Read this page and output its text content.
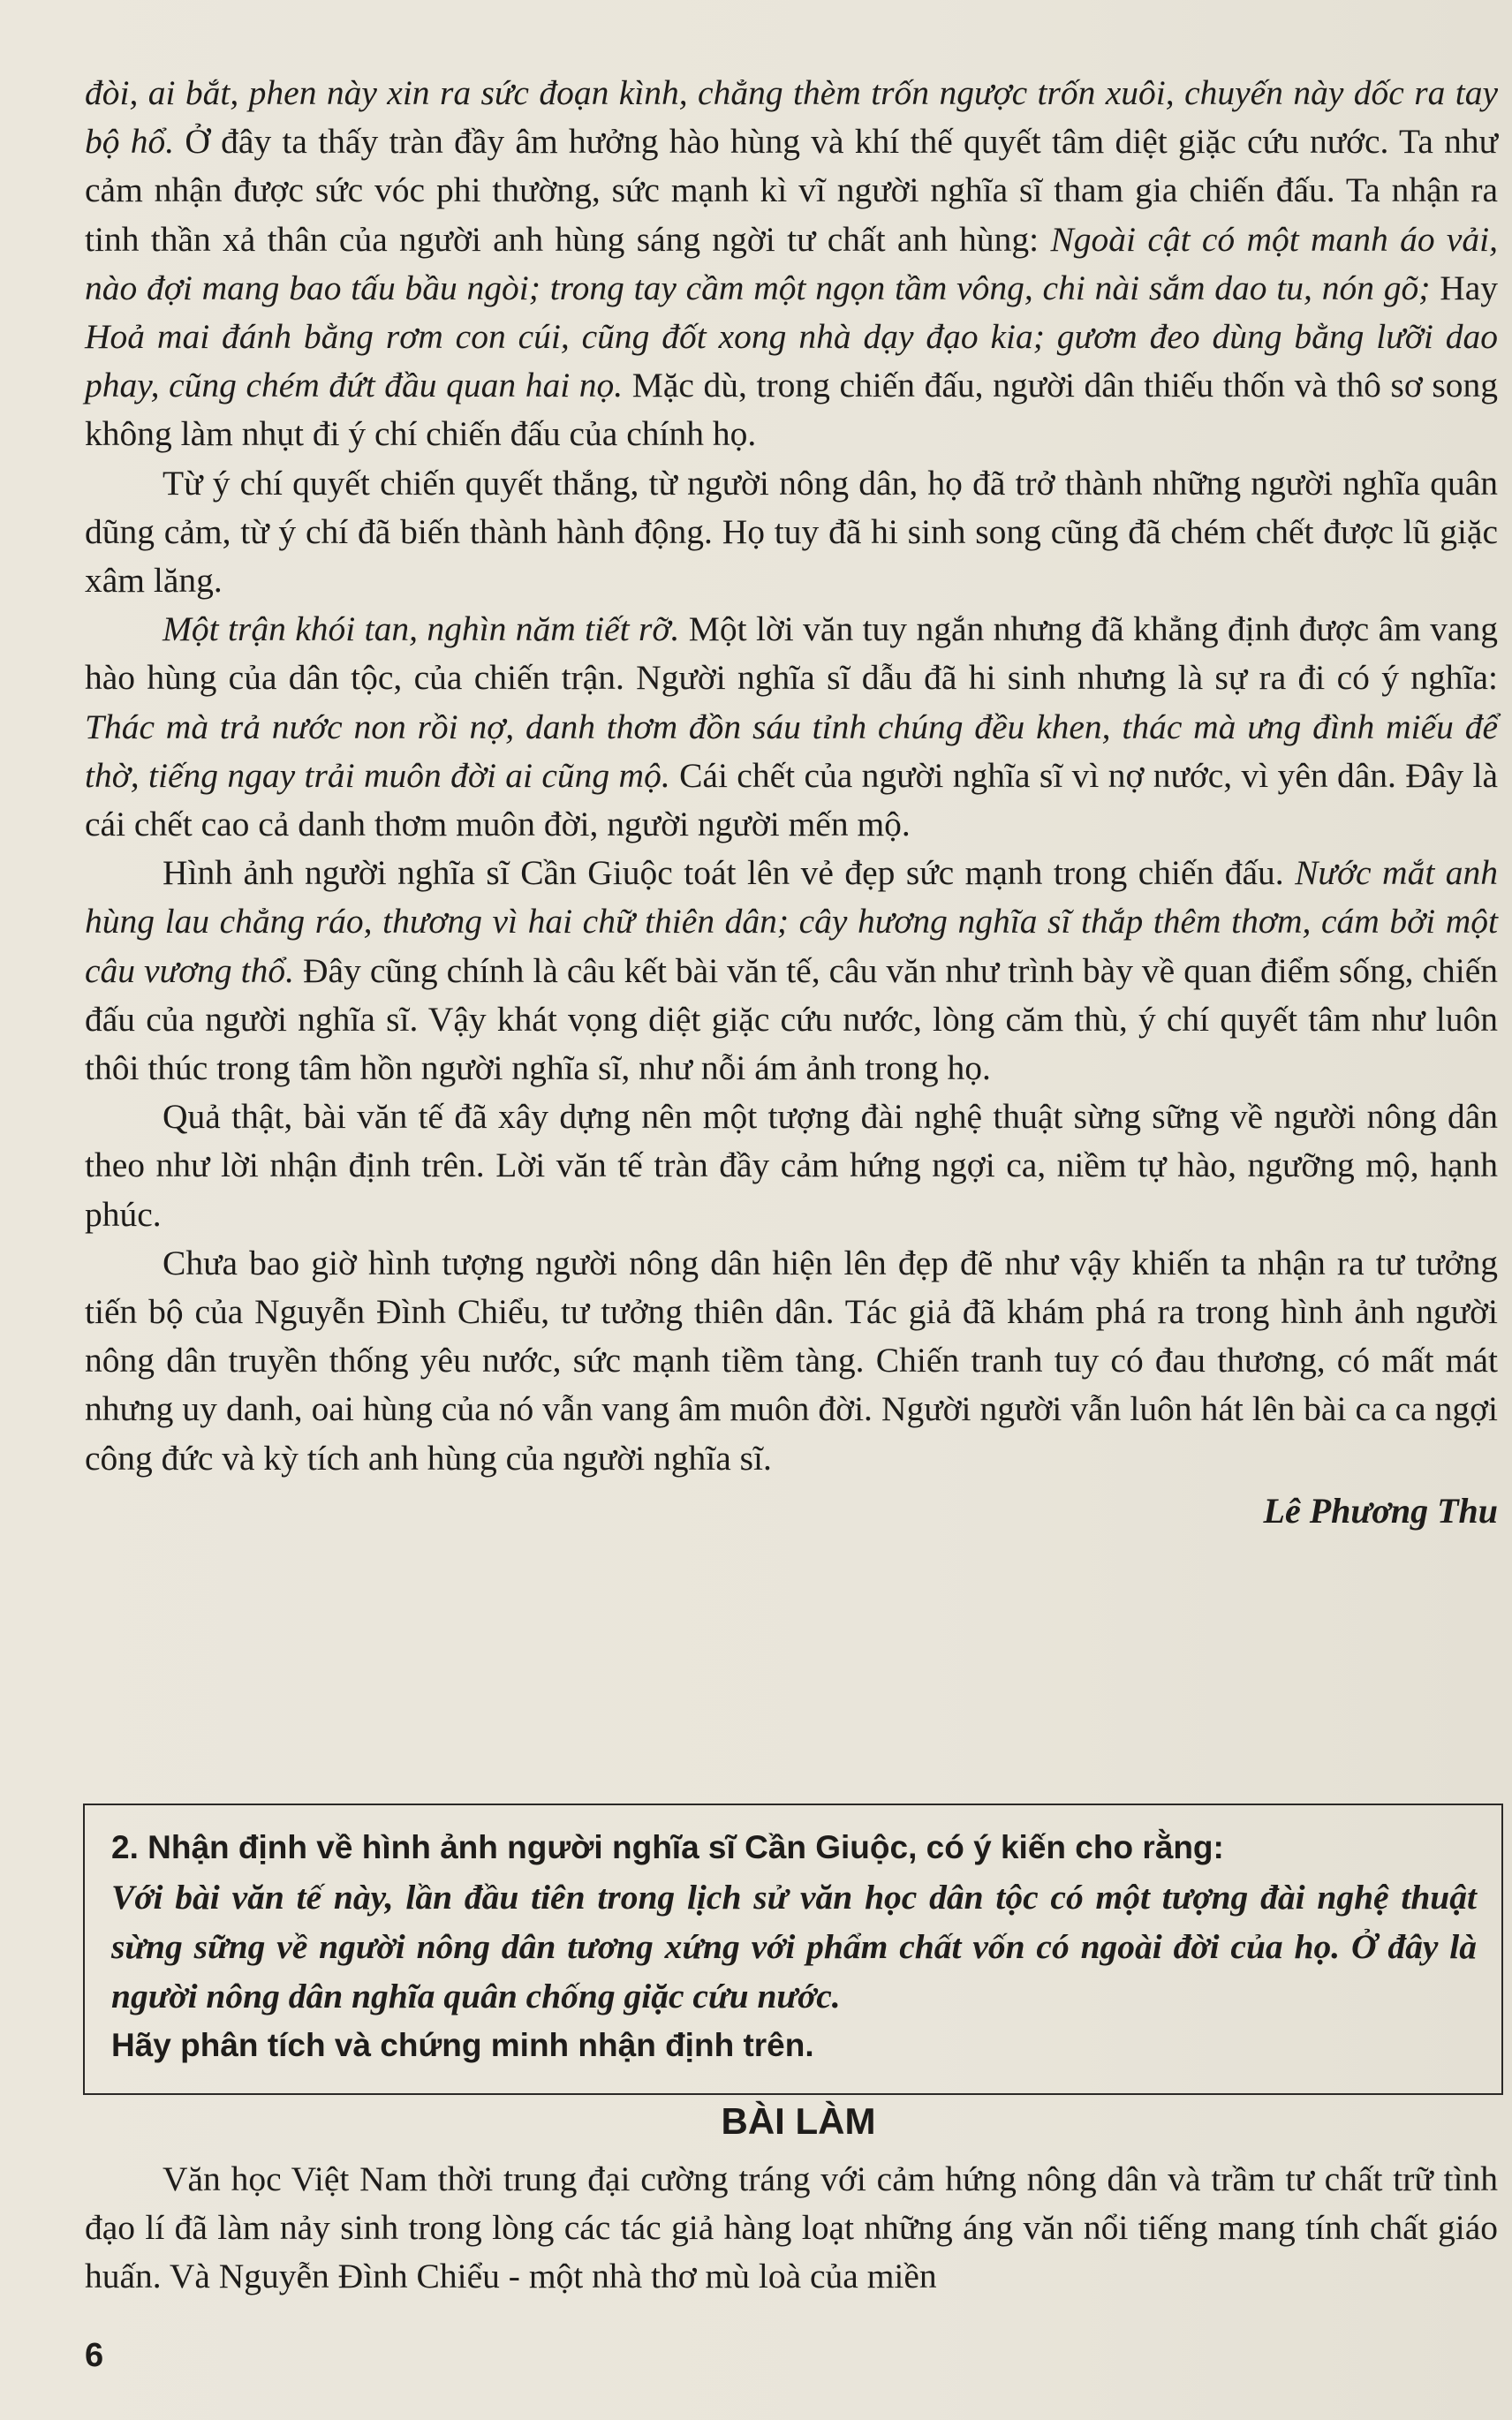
đòi, ai bắt, phen này xin ra sức đoạn kình, chẳng thèm trốn ngược trốn xuôi, chuyến này dốc ra tay bộ hổ. Ở đây ta thấy tràn đầy âm hưởng hào hùng và khí thế quyết tâm diệt giặc cứu nước. Ta như cảm nhận được sức vóc phi thường, sức mạnh kì vĩ người nghĩa sĩ tham gia chiến đấu. Ta nhận ra tinh thần xả thân của người anh hùng sáng ngời tư chất anh hùng: Ngoài cật có một manh áo vải, nào đợi mang bao tấu bầu ngòi; trong tay cầm một ngọn tầm vông, chi nài sắm dao tu, nón gõ; Hay Hoả mai đánh bằng rơm con cúi, cũng đốt xong nhà dạy đạo kia; gươm đeo dùng bằng lưỡi dao phay, cũng chém đứt đầu quan hai nọ. Mặc dù, trong chiến đấu, người dân thiếu thốn và thô sơ song không làm nhụt đi ý chí chiến đấu của chính họ.

Từ ý chí quyết chiến quyết thắng, từ người nông dân, họ đã trở thành những người nghĩa quân dũng cảm, từ ý chí đã biến thành hành động. Họ tuy đã hi sinh song cũng đã chém chết được lũ giặc xâm lăng.

Một trận khói tan, nghìn năm tiết rỡ. Một lời văn tuy ngắn nhưng đã khẳng định được âm vang hào hùng của dân tộc, của chiến trận. Người nghĩa sĩ dẫu đã hi sinh nhưng là sự ra đi có ý nghĩa: Thác mà trả nước non rồi nợ, danh thơm đồn sáu tỉnh chúng đều khen, thác mà ưng đình miếu để thờ, tiếng ngay trải muôn đời ai cũng mộ. Cái chết của người nghĩa sĩ vì nợ nước, vì yên dân. Đây là cái chết cao cả danh thơm muôn đời, người người mến mộ.

Hình ảnh người nghĩa sĩ Cần Giuộc toát lên vẻ đẹp sức mạnh trong chiến đấu. Nước mắt anh hùng lau chẳng ráo, thương vì hai chữ thiên dân; cây hương nghĩa sĩ thắp thêm thơm, cám bởi một câu vương thổ. Đây cũng chính là câu kết bài văn tế, câu văn như trình bày về quan điểm sống, chiến đấu của người nghĩa sĩ. Vậy khát vọng diệt giặc cứu nước, lòng căm thù, ý chí quyết tâm như luôn thôi thúc trong tâm hồn người nghĩa sĩ, như nỗi ám ảnh trong họ.

Quả thật, bài văn tế đã xây dựng nên một tượng đài nghệ thuật sừng sững về người nông dân theo như lời nhận định trên. Lời văn tế tràn đầy cảm hứng ngợi ca, niềm tự hào, ngưỡng mộ, hạnh phúc.

Chưa bao giờ hình tượng người nông dân hiện lên đẹp đẽ như vậy khiến ta nhận ra tư tưởng tiến bộ của Nguyễn Đình Chiểu, tư tưởng thiên dân. Tác giả đã khám phá ra trong hình ảnh người nông dân truyền thống yêu nước, sức mạnh tiềm tàng. Chiến tranh tuy có đau thương, có mất mát nhưng uy danh, oai hùng của nó vẫn vang âm muôn đời. Người người vẫn luôn hát lên bài ca ca ngợi công đức và kỳ tích anh hùng của người nghĩa sĩ.

Lê Phương Thu
2. Nhận định về hình ảnh người nghĩa sĩ Cần Giuộc, có ý kiến cho rằng:
Với bài văn tế này, lần đầu tiên trong lịch sử văn học dân tộc có một tượng đài nghệ thuật sừng sững về người nông dân tương xứng với phẩm chất vốn có ngoài đời của họ. Ở đây là người nông dân nghĩa quân chống giặc cứu nước.
Hãy phân tích và chứng minh nhận định trên.
BÀI LÀM

Văn học Việt Nam thời trung đại cường tráng với cảm hứng nông dân và trầm tư chất trữ tình đạo lí đã làm nảy sinh trong lòng các tác giả hàng loạt những áng văn nổi tiếng mang tính chất giáo huấn. Và Nguyễn Đình Chiểu - một nhà thơ mù loà của miền

6
